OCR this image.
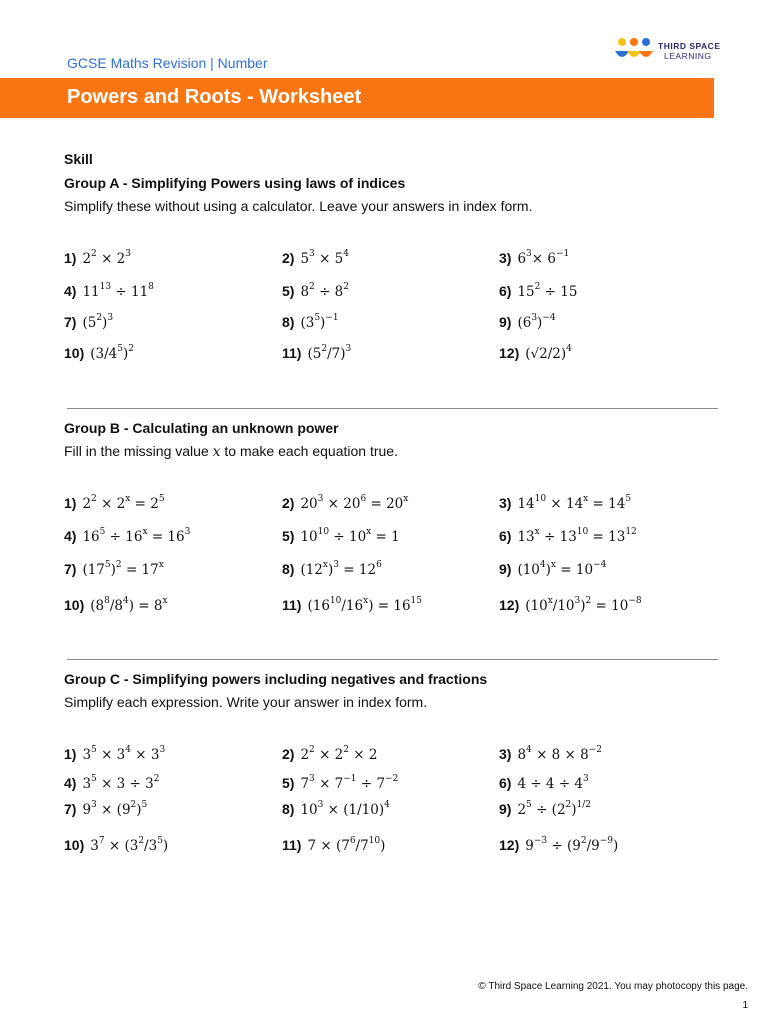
GCSE Maths Revision | Number
THIRD SPACE
LEARNING
Powers and Roots - Worksheet
Skill
Group A - Simplifying Powers using laws of indices
Simplify these without using a calculator. Leave your answers in index form.
1) $2^2 \times 2^3$	2) $5^3 \times 5^4$	3) $6^3\times 6^{-1}$
4) $11^{13} \div 11^8$	5) $8^2 \div 8^2$	6) $15^2 \div 15$
7) $(5^2)^3$	8) $(3^5)^{-1}$	9) $(6^3)^{-4}$
10) $(3/4^5)^2$	11) $(5^2/7)^3$	12) $(√2/2)^4$
Group B - Calculating an unknown power
Fill in the missing value x to make each equation true.
1) $2^2 \times 2^x = 2^5$	2) $20^3 \times 20^6 = 20^x$	3) $14^{10} \times 14^x = 14^5$
4) $16^5 \div 16^x = 16^3$	5) $10^{10} \div 10^x = 1$	6) $13^x \div 13^{10} = 13^{12}$
7) $(17^5)^2 = 17^x$	8) $(12^x)^3 = 12^6$	9) $(10^4)^x = 10^{-4}$
10) $(8^8/8^4) = 8^x$	11) $(16^{10}/16^x) = 16^{15}$	12) $(10^x/10^3)^2 = 10^{-8}$
Group C - Simplifying powers including negatives and fractions
Simplify each expression. Write your answer in index form.
1) $3^5 \times 3^4 \times 3^3$	2) $2^2 \times 2^2 \times 2$	3) $8^4 \times 8 \times 8^{-2}$
4) $3^5 \times 3 \div 3^2$	5) $7^3 \times 7^{-1} \div 7^{-2}$	6) $4 \div 4 \div 4^3$
7) $9^3 \times (9^2)^5$	8) $10^3 \times (1/10)^4$	9) $2^5 \div (2^2)^{1/2}$
10) $3^7 \times (3^2/3^5)$	11) $7 \times (7^6/7^{10})$	12) $9^{-3} \div (9^2/9^{-9})$
© Third Space Learning 2021. You may photocopy this page.
1
